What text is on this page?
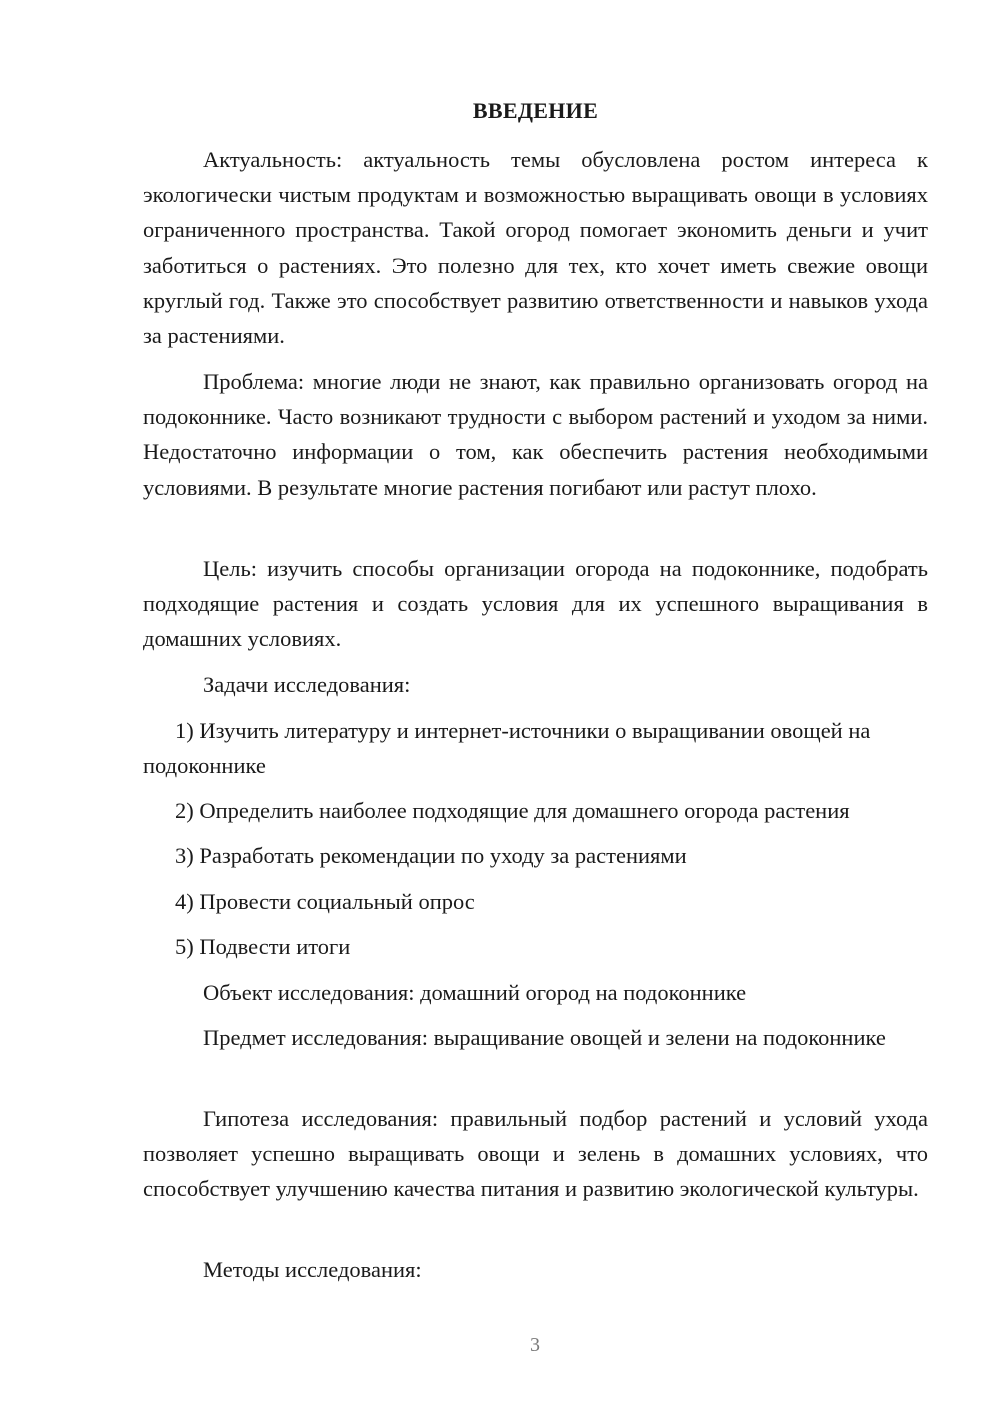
ВВЕДЕНИЕ

Актуальность: актуальность темы обусловлена ростом интереса к экологически чистым продуктам и возможностью выращивать овощи в условиях ограниченного пространства. Такой огород помогает экономить деньги и учит заботиться о растениях. Это полезно для тех, кто хочет иметь свежие овощи круглый год. Также это способствует развитию ответственности и навыков ухода за растениями.

Проблема: многие люди не знают, как правильно организовать огород на подоконнике. Часто возникают трудности с выбором растений и уходом за ними. Недостаточно информации о том, как обеспечить растения необходимыми условиями. В результате многие растения погибают или растут плохо.

Цель: изучить способы организации огорода на подоконнике, подобрать подходящие растения и создать условия для их успешного выращивания в домашних условиях.

Задачи исследования:

1) Изучить литературу и интернет-источники о выращивании овощей на подоконнике

2) Определить наиболее подходящие для домашнего огорода растения

3) Разработать рекомендации по уходу за растениями

4) Провести социальный опрос

5) Подвести итоги

Объект исследования: домашний огород на подоконнике

Предмет исследования: выращивание овощей и зелени на подоконнике

Гипотеза исследования: правильный подбор растений и условий ухода позволяет успешно выращивать овощи и зелень в домашних условиях, что способствует улучшению качества питания и развитию экологической культуры.

Методы исследования:

3
